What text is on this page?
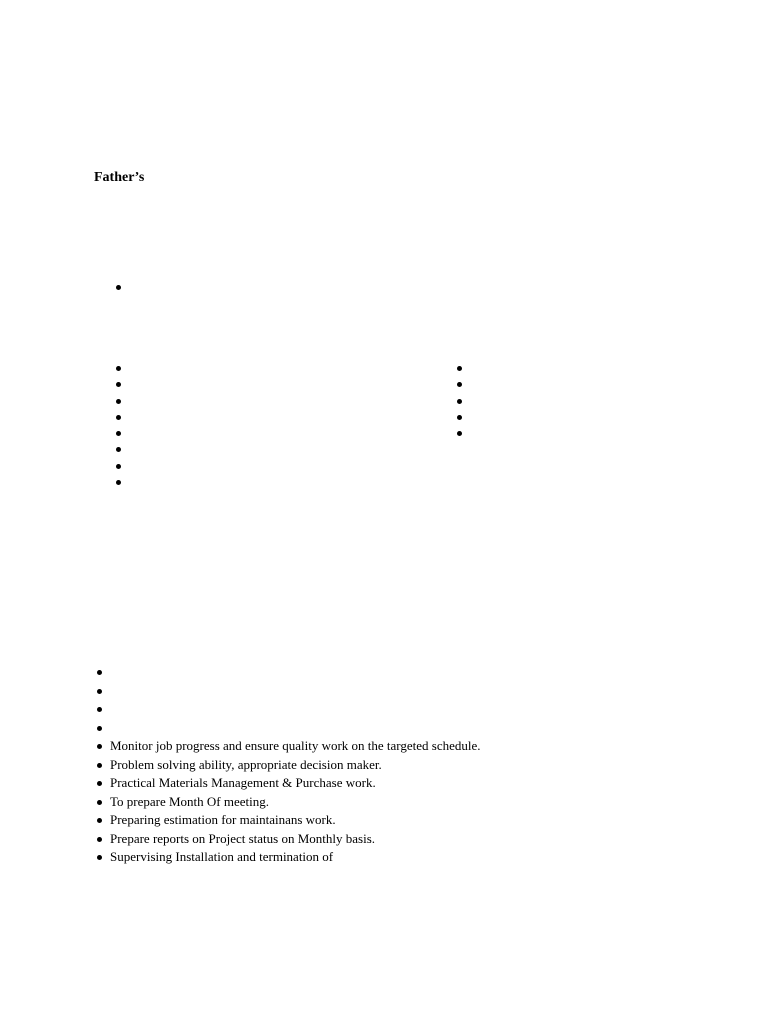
Father’s
Monitor job progress and ensure quality work on the targeted schedule.
Problem solving ability, appropriate decision maker.
Practical Materials Management & Purchase work.
To prepare Month Of meeting.
Preparing estimation for maintainans work.
Prepare reports on Project status on Monthly basis.
Supervising Installation and termination of
